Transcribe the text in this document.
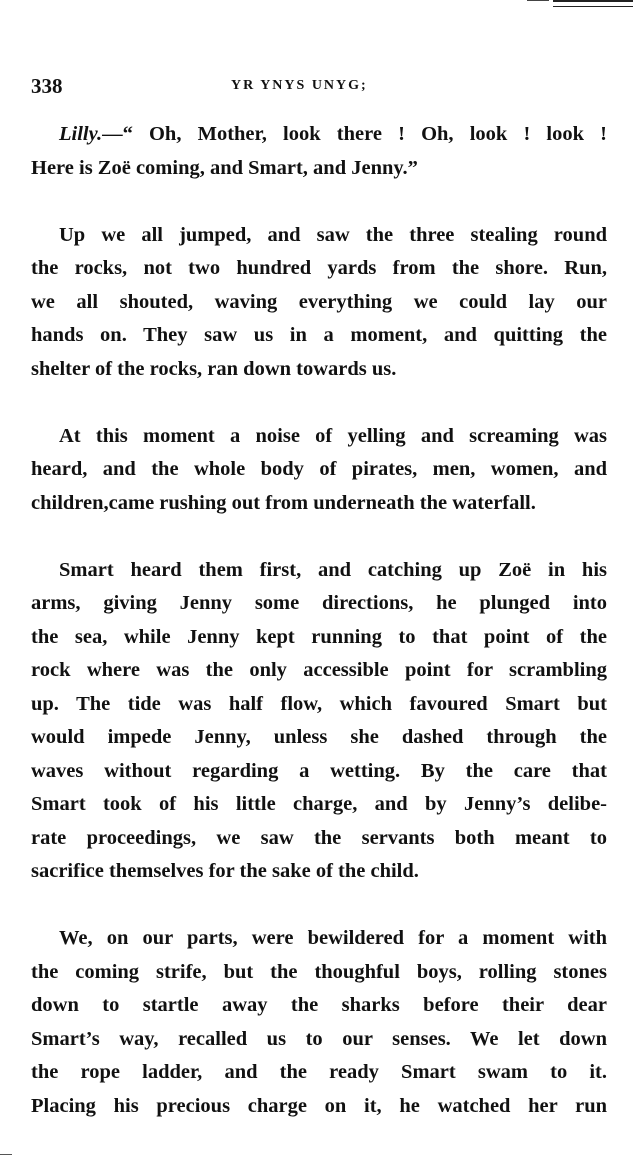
338	YR YNYS UNYG;

Lilly.—“ Oh, Mother, look there ! Oh, look ! look !
Here is Zoë coming, and Smart, and Jenny.”

Up we all jumped, and saw the three stealing round
the rocks, not two hundred yards from the shore. Run,
we all shouted, waving everything we could lay our
hands on. They saw us in a moment, and quitting the
shelter of the rocks, ran down towards us.

At this moment a noise of yelling and screaming was
heard, and the whole body of pirates, men, women, and
children,came rushing out from underneath the waterfall.

Smart heard them first, and catching up Zoë in his
arms, giving Jenny some directions, he plunged into
the sea, while Jenny kept running to that point of the
rock where was the only accessible point for scrambling
up. The tide was half flow, which favoured Smart but
would impede Jenny, unless she dashed through the
waves without regarding a wetting. By the care that
Smart took of his little charge, and by Jenny’s delibe-
rate proceedings, we saw the servants both meant to
sacrifice themselves for the sake of the child.

We, on our parts, were bewildered for a moment with
the coming strife, but the thoughful boys, rolling stones
down to startle away the sharks before their dear
Smart’s way, recalled us to our senses. We let down
the rope ladder, and the ready Smart swam to it.
Placing his precious charge on it, he watched her run
